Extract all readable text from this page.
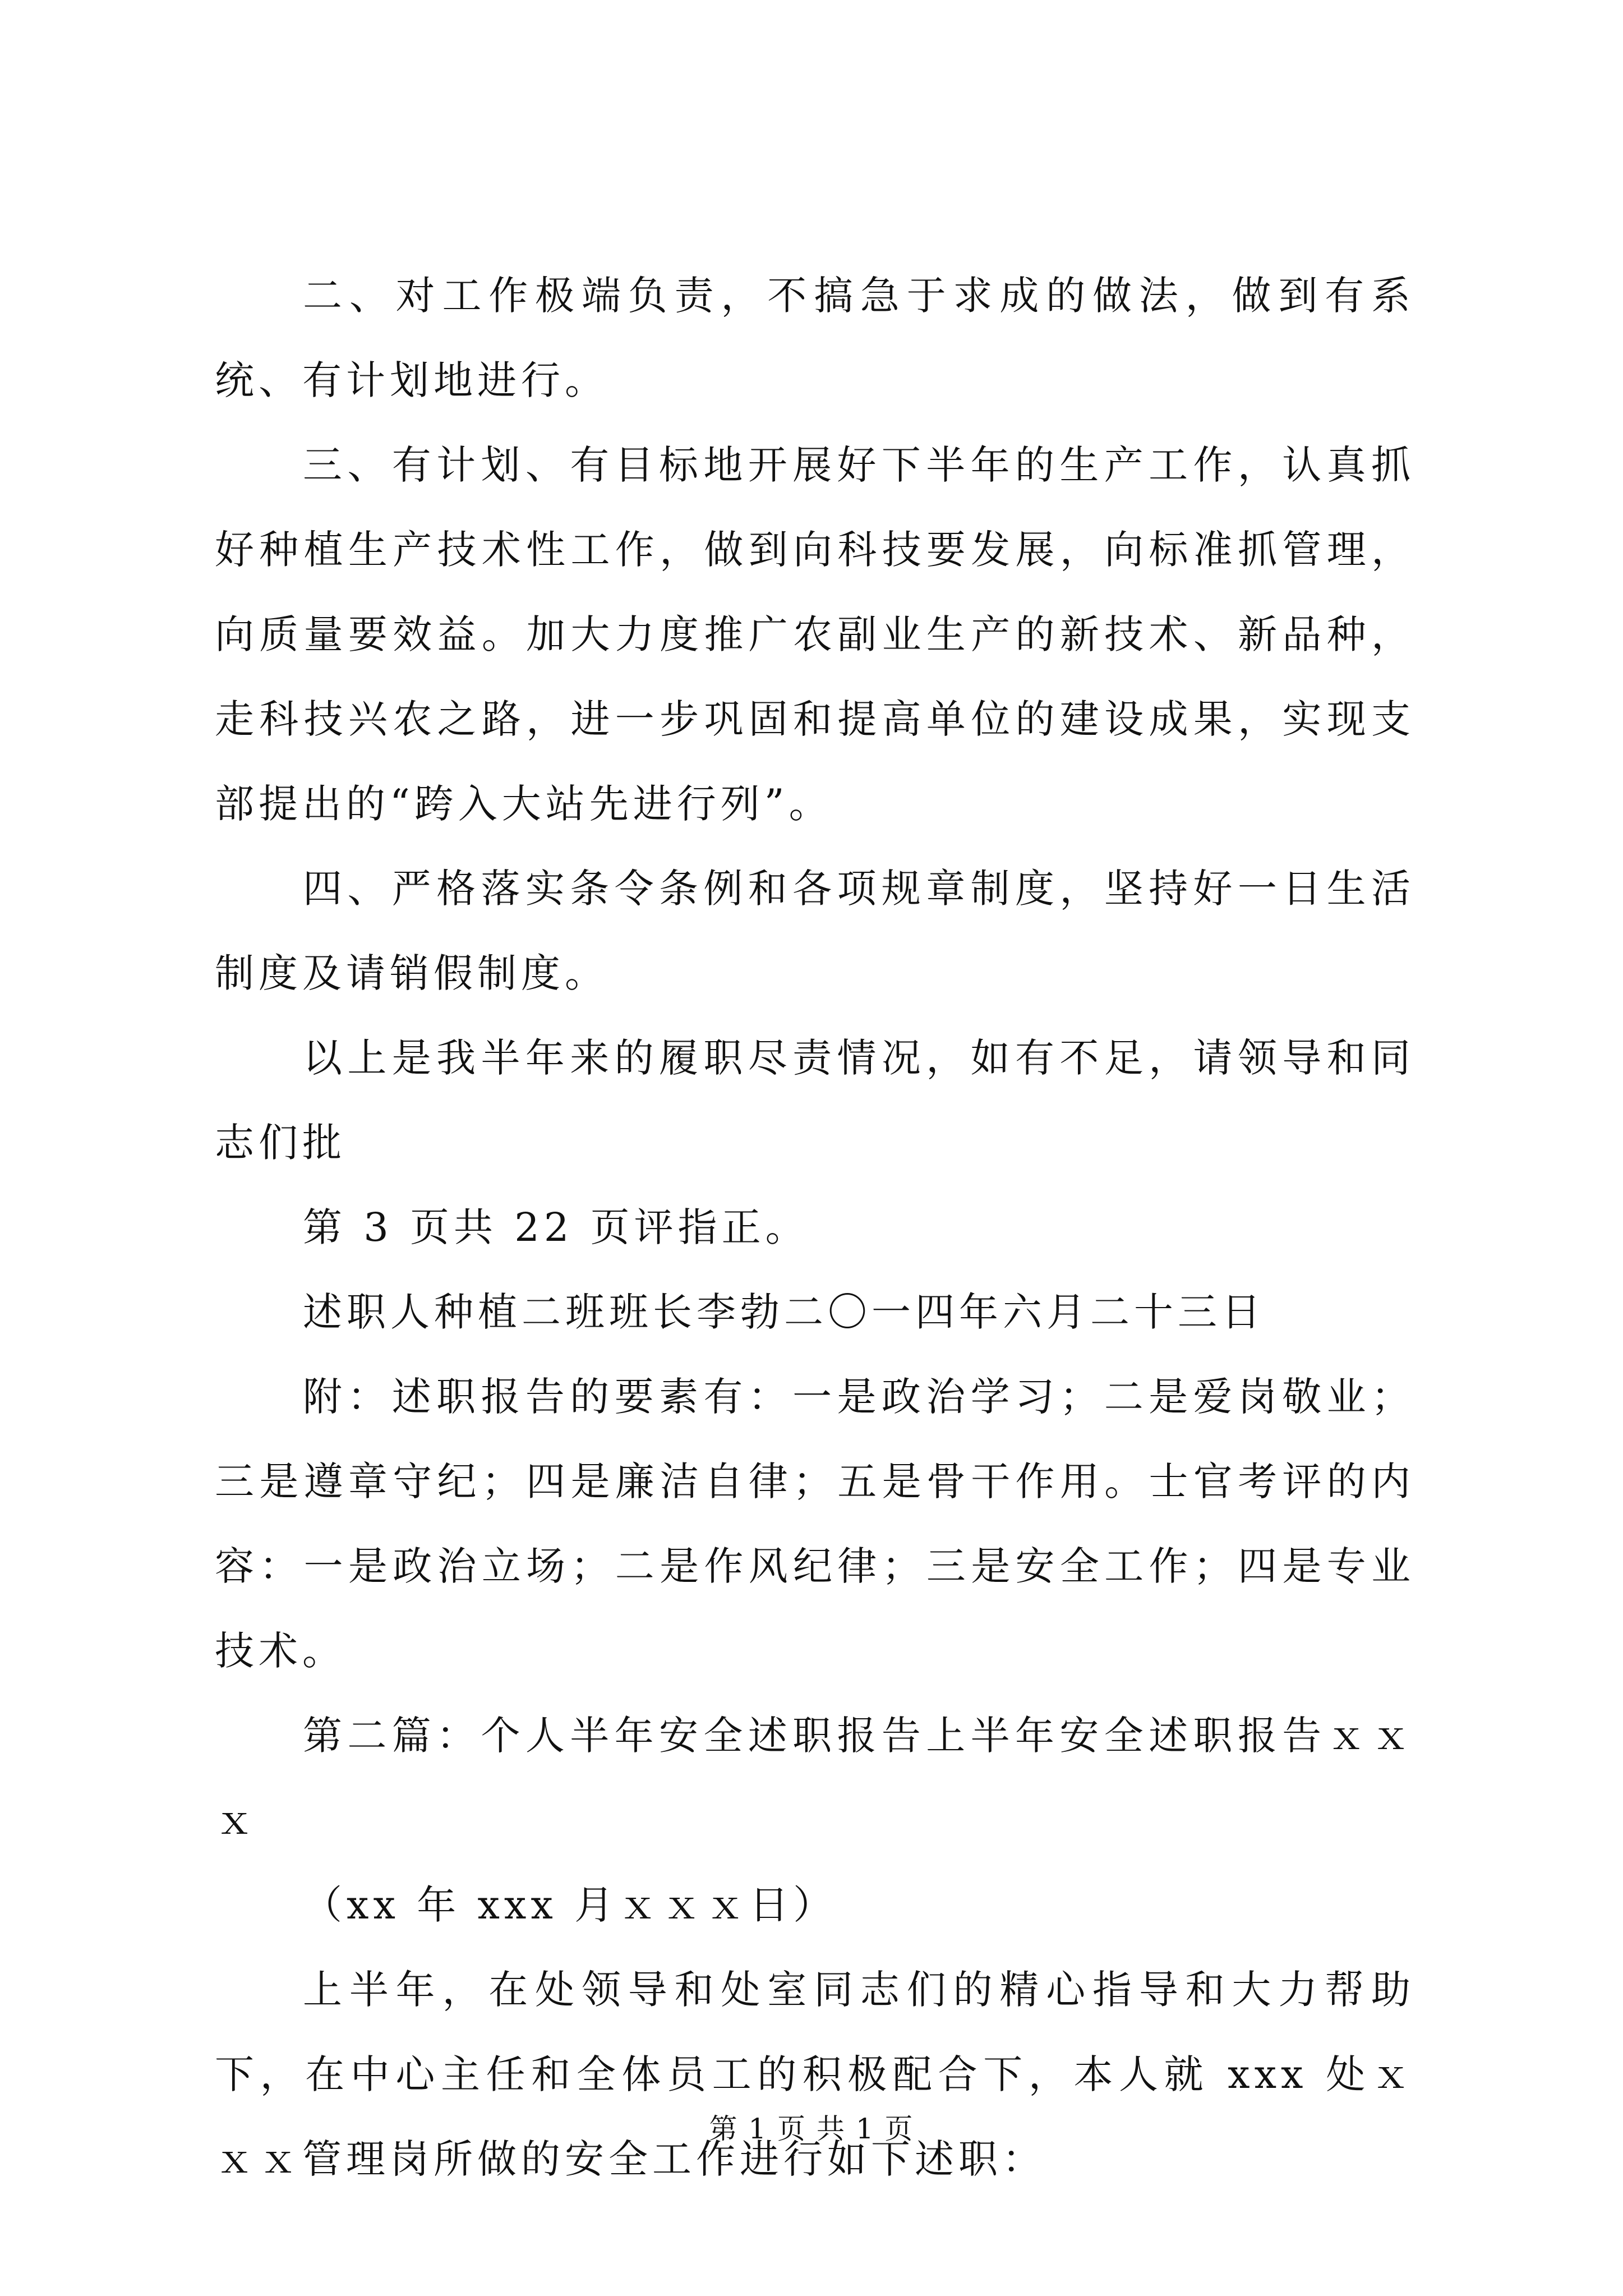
二、对工作极端负责，不搞急于求成的做法，做到有系统、有计划地进行。

三、有计划、有目标地开展好下半年的生产工作，认真抓好种植生产技术性工作，做到向科技要发展，向标准抓管理，向质量要效益。加大力度推广农副业生产的新技术、新品种，走科技兴农之路，进一步巩固和提高单位的建设成果，实现支部提出的“跨入大站先进行列”。

四、严格落实条令条例和各项规章制度，坚持好一日生活制度及请销假制度。

以上是我半年来的履职尽责情况，如有不足，请领导和同志们批

第 3 页共 22 页评指正。

述职人种植二班班长李勃二〇一四年六月二十三日

附：述职报告的要素有：一是政治学习；二是爱岗敬业；三是遵章守纪；四是廉洁自律；五是骨干作用。士官考评的内容：一是政治立场；二是作风纪律；三是安全工作；四是专业技术。

第二篇：个人半年安全述职报告上半年安全述职报告ｘｘｘ

（xx 年 xxx 月ｘｘｘ日）

上半年，在处领导和处室同志们的精心指导和大力帮助下，在中心主任和全体员工的积极配合下，本人就 xxx 处ｘｘｘ管理岗所做的安全工作进行如下述职：

第 1 页 共 1 页
